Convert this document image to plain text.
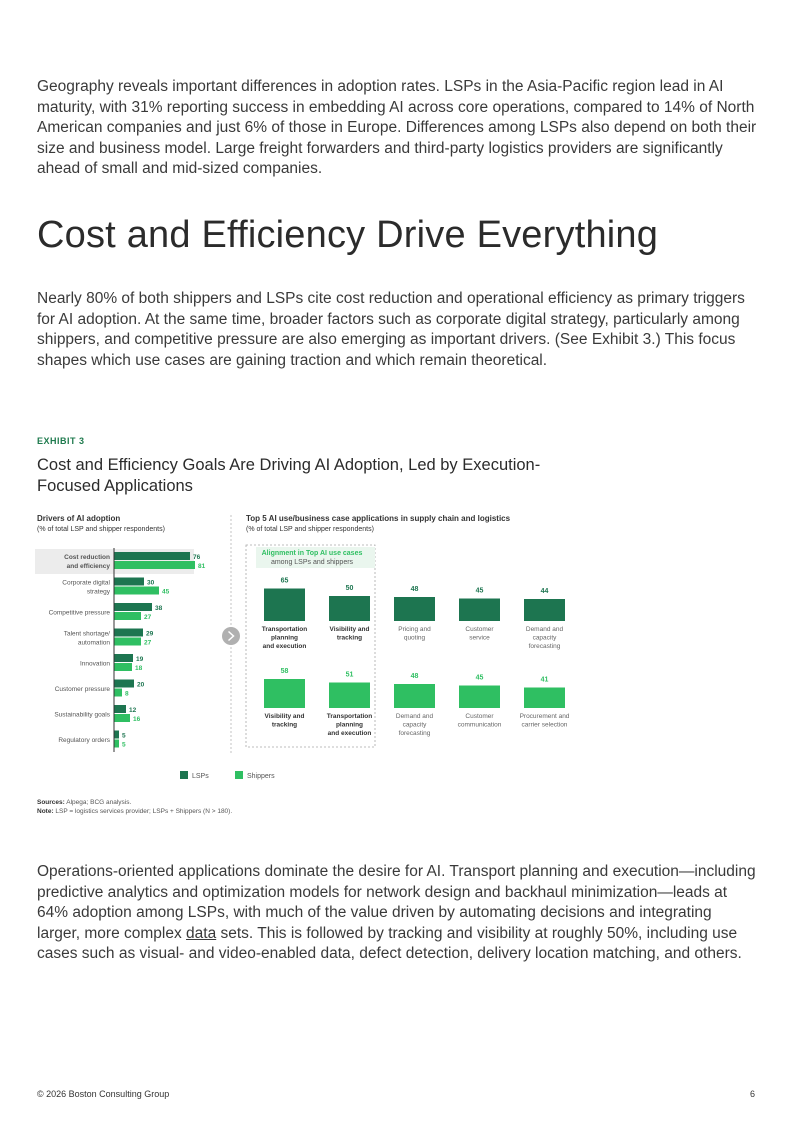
Geography reveals important differences in adoption rates. LSPs in the Asia-Pacific region lead in AI maturity, with 31% reporting success in embedding AI across core operations, compared to 14% of North American companies and just 6% of those in Europe. Differences among LSPs also depend on both their size and business model. Large freight forwarders and third-party logistics providers are significantly ahead of small and mid-sized companies.

Cost and Efficiency Drive Everything

Nearly 80% of both shippers and LSPs cite cost reduction and operational efficiency as primary triggers for AI adoption. At the same time, broader factors such as corporate digital strategy, particularly among shippers, and competitive pressure are also emerging as important drivers. (See Exhibit 3.) This focus shapes which use cases are gaining traction and which remain theoretical.

EXHIBIT 3
Cost and Efficiency Goals Are Driving AI Adoption, Led by Execution-Focused Applications
Drivers of AI adoption
(% of total LSP and shipper respondents)
Cost reduction
and efficiency
76
81
Corporate digital
strategy
30
45
Competitive pressure
38
27
Talent shortage/
automation
29
27
Innovation
19
18
Customer pressure
20
8
Sustainability goals
12
16
Regulatory orders
5
5
LSPs	Shippers
Top 5 AI use/business case applications in supply chain and logistics
(% of total LSP and shipper respondents)
Alignment in Top AI use cases
among LSPs and shippers
65
Transportation
planning
and execution
50
Visibility and
tracking
48
Pricing and
quoting
45
Customer
service
44
Demand and
capacity
forecasting
58
Visibility and
tracking
51
Transportation
planning
and execution
48
Demand and
capacity
forecasting
45
Customer
communication
41
Procurement and
carrier selection
Sources: Alpega; BCG analysis.
Note: LSP = logistics services provider; LSPs + Shippers (N > 180).

Operations-oriented applications dominate the desire for AI. Transport planning and execution—including predictive analytics and optimization models for network design and backhaul minimization—leads at 64% adoption among LSPs, with much of the value driven by automating decisions and integrating larger, more complex data sets. This is followed by tracking and visibility at roughly 50%, including use cases such as visual- and video-enabled data, defect detection, delivery location matching, and others.

© 2026 Boston Consulting Group	6
